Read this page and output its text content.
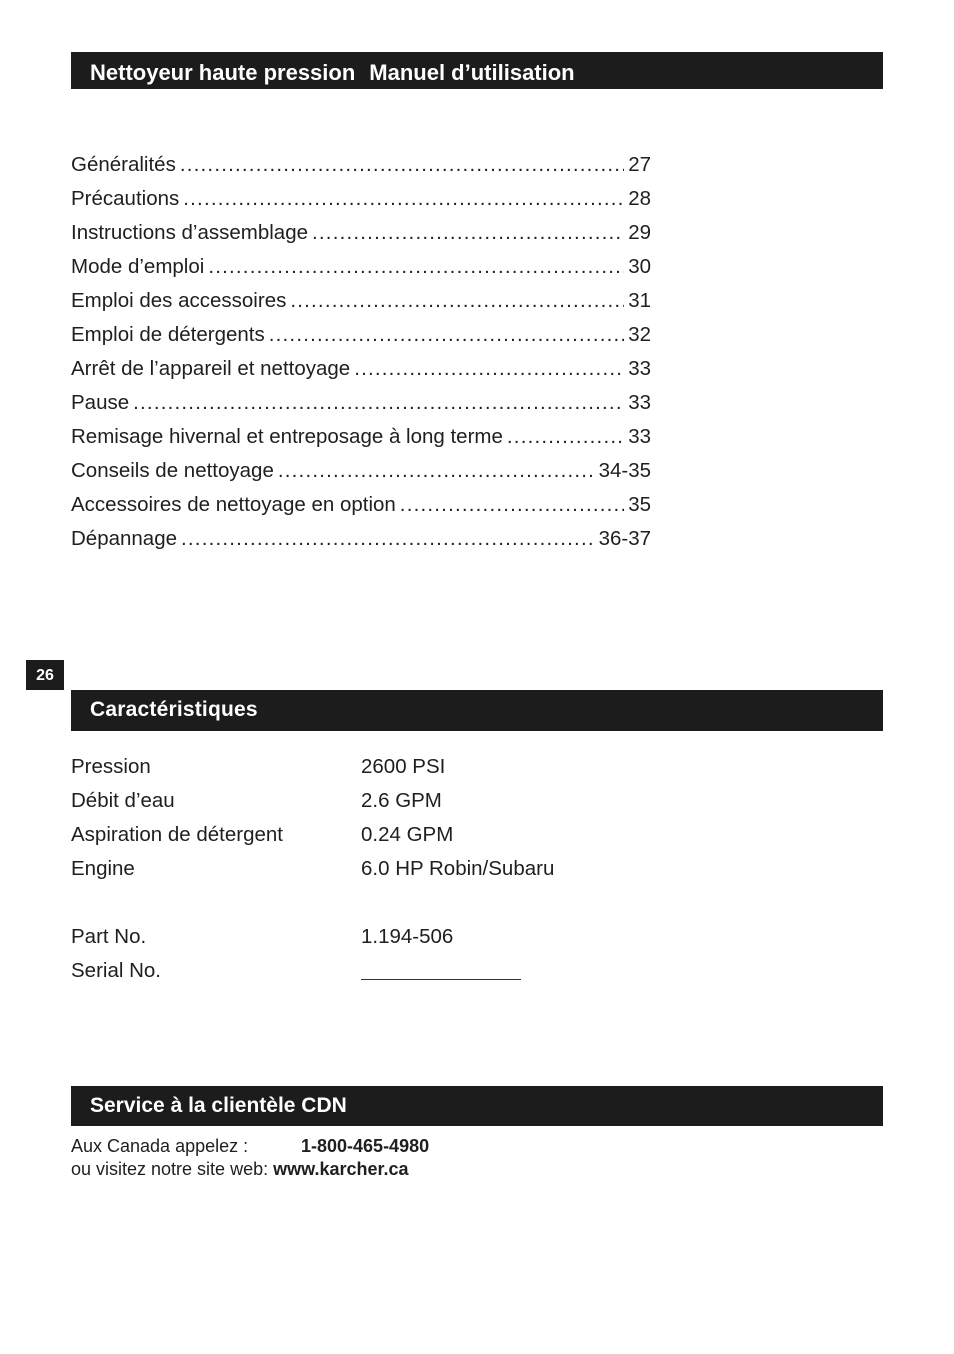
Nettoyeur haute pression Manuel d’utilisation
Généralités .....	27
Précautions .....	28
Instructions d’assemblage .....	29
Mode d’emploi .....	30
Emploi des accessoires .....	31
Emploi de détergents .....	32
Arrêt de l’appareil et nettoyage .....	33
Pause .....	33
Remisage hivernal et entreposage à long terme .....	33
Conseils de nettoyage .....	34-35
Accessoires de nettoyage en option .....	35
Dépannage .....	36-37
26
Caractéristiques
Pression	2600 PSI
Débit d’eau	2.6 GPM
Aspiration de détergent	0.24 GPM
Engine	6.0 HP Robin/Subaru
Part No.	1.194-506
Serial No.
Service à la clientèle CDN
Aux Canada appelez :	1-800-465-4980
ou visitez notre site web: www.karcher.ca
